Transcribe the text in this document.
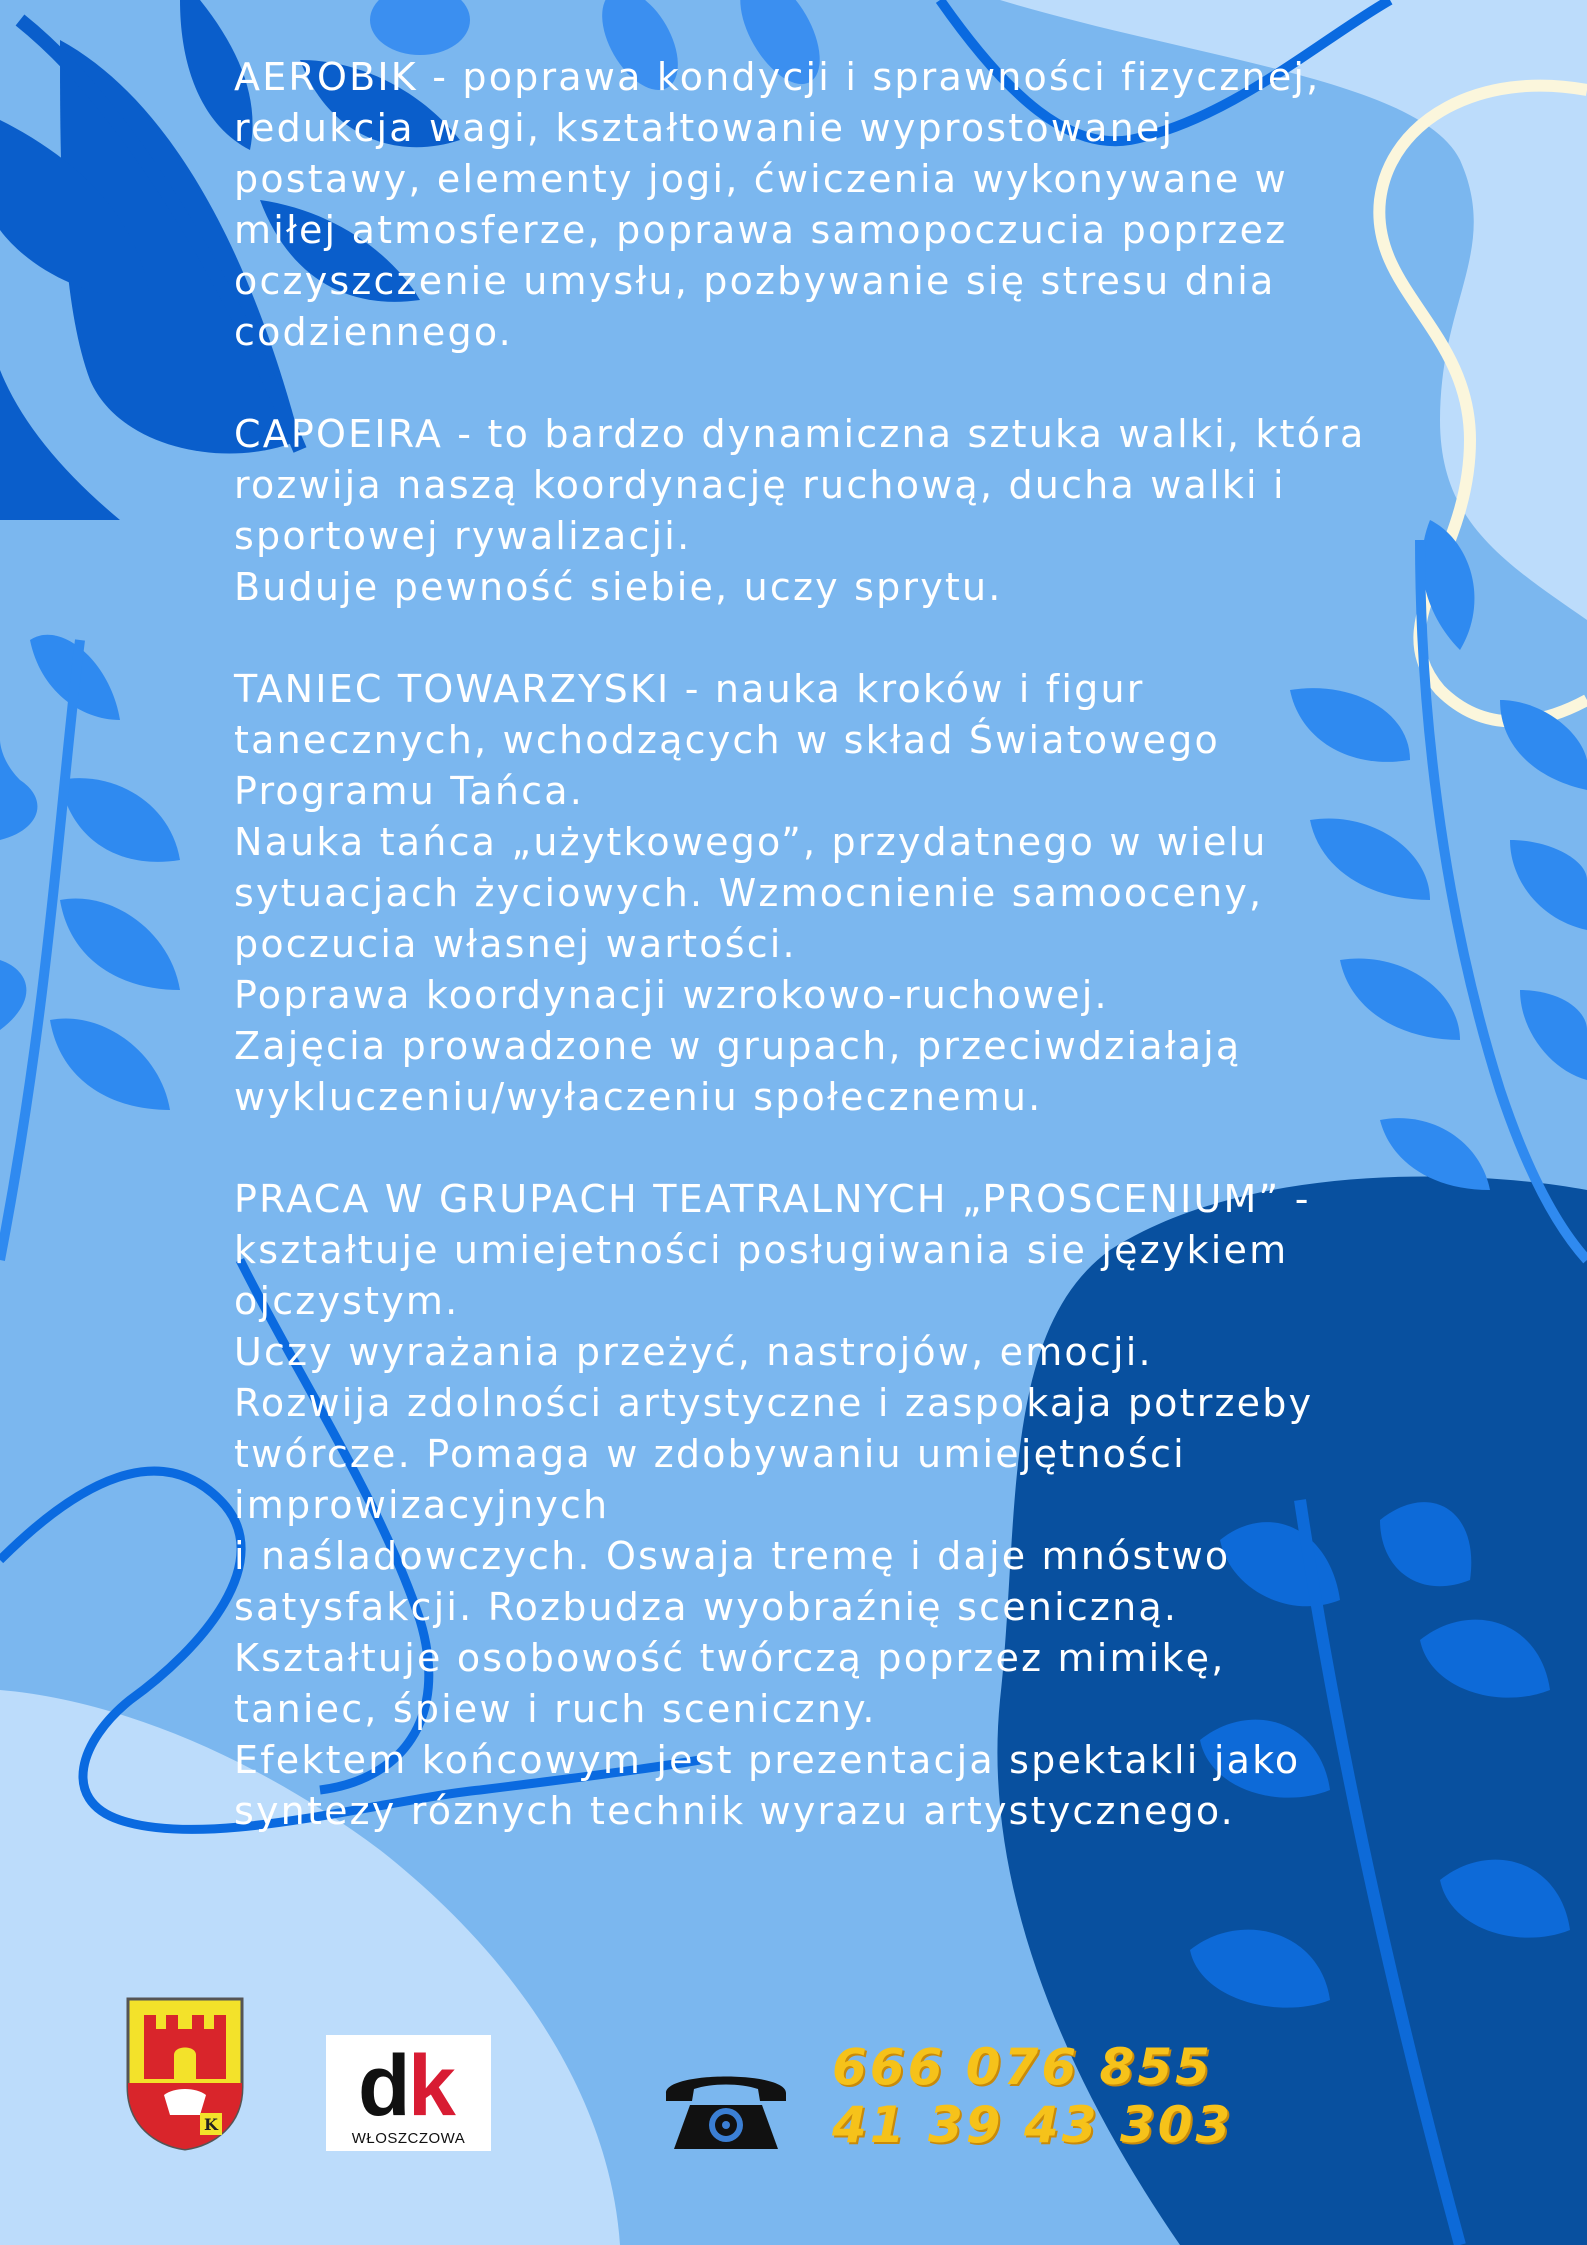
AEROBIK - poprawa kondycji i sprawności fizycznej, redukcja wagi, kształtowanie wyprostowanej postawy, elementy jogi, ćwiczenia wykonywane w miłej atmosferze, poprawa samopoczucia poprzez oczyszczenie umysłu, pozbywanie się stresu dnia codziennego.

CAPOEIRA - to bardzo dynamiczna sztuka walki, która rozwija naszą koordynację ruchową, ducha walki i sportowej rywalizacji.

Buduje pewność siebie, uczy sprytu.

TANIEC TOWARZYSKI - nauka kroków i figur tanecznych, wchodzących w skład Światowego Programu Tańca.

Nauka tańca „użytkowego”, przydatnego w wielu sytuacjach życiowych. Wzmocnienie samooceny, poczucia własnej wartości.
Poprawa koordynacji wzrokowo-ruchowej.
Zajęcia prowadzone w grupach, przeciwdziałają wykluczeniu/wyłaczeniu społecznemu.

PRACA W GRUPACH TEATRALNYCH „PROSCENIUM” - kształtuje umiejetności posługiwania sie językiem ojczystym.

Uczy wyrażania przeżyć, nastrojów, emocji.
Rozwija zdolności artystyczne i zaspokaja potrzeby twórcze. Pomaga w zdobywaniu umiejętności improwizacyjnych
i naśladowczych. Oswaja tremę i daje mnóstwo satysfakcji. Rozbudza wyobraźnię sceniczną.
Kształtuje osobowość twórczą poprzez mimikę, taniec, śpiew i ruch sceniczny.
Efektem końcowym jest prezentacja spektakli jako syntezy róznych technik wyrazu artystycznego.

K d
k
WŁOSZCZOWA
666 076 855
41 39 43 303
